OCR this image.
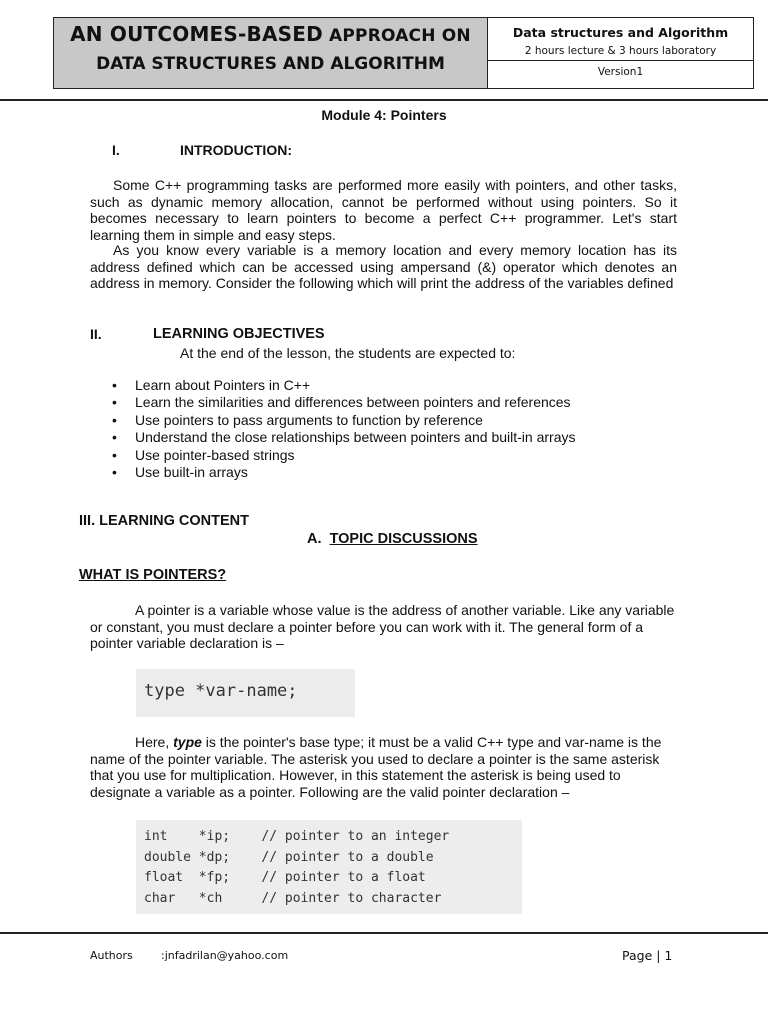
AN OUTCOMES-BASED APPROACH ON
DATA STRUCTURES AND ALGORITHM
Data structures and Algorithm
2 hours lecture & 3 hours laboratory
Version1
Module 4: Pointers
I.	INTRODUCTION:
Some C++ programming tasks are performed more easily with pointers, and other tasks, such as dynamic memory allocation, cannot be performed without using pointers. So it becomes necessary to learn pointers to become a perfect C++ programmer. Let's start learning them in simple and easy steps.
As you know every variable is a memory location and every memory location has its address defined which can be accessed using ampersand (&) operator which denotes an address in memory. Consider the following which will print the address of the variables defined
II.	LEARNING OBJECTIVES
At the end of the lesson, the students are expected to:
• Learn about Pointers in C++
• Learn the similarities and differences between pointers and references
• Use pointers to pass arguments to function by reference
• Understand the close relationships between pointers and built-in arrays
• Use pointer-based strings
• Use built-in arrays
III. LEARNING CONTENT
A. TOPIC DISCUSSIONS
WHAT IS POINTERS?
A pointer is a variable whose value is the address of another variable. Like any variable or constant, you must declare a pointer before you can work with it. The general form of a pointer variable declaration is –
type *var-name;
Here, type is the pointer's base type; it must be a valid C++ type and var-name is the name of the pointer variable. The asterisk you used to declare a pointer is the same asterisk that you use for multiplication. However, in this statement the asterisk is being used to designate a variable as a pointer. Following are the valid pointer declaration –
int    *ip;    // pointer to an integer
double *dp;    // pointer to a double
float  *fp;    // pointer to a float
char   *ch     // pointer to character
Authors	:jnfadrilan@yahoo.com	Page | 1
